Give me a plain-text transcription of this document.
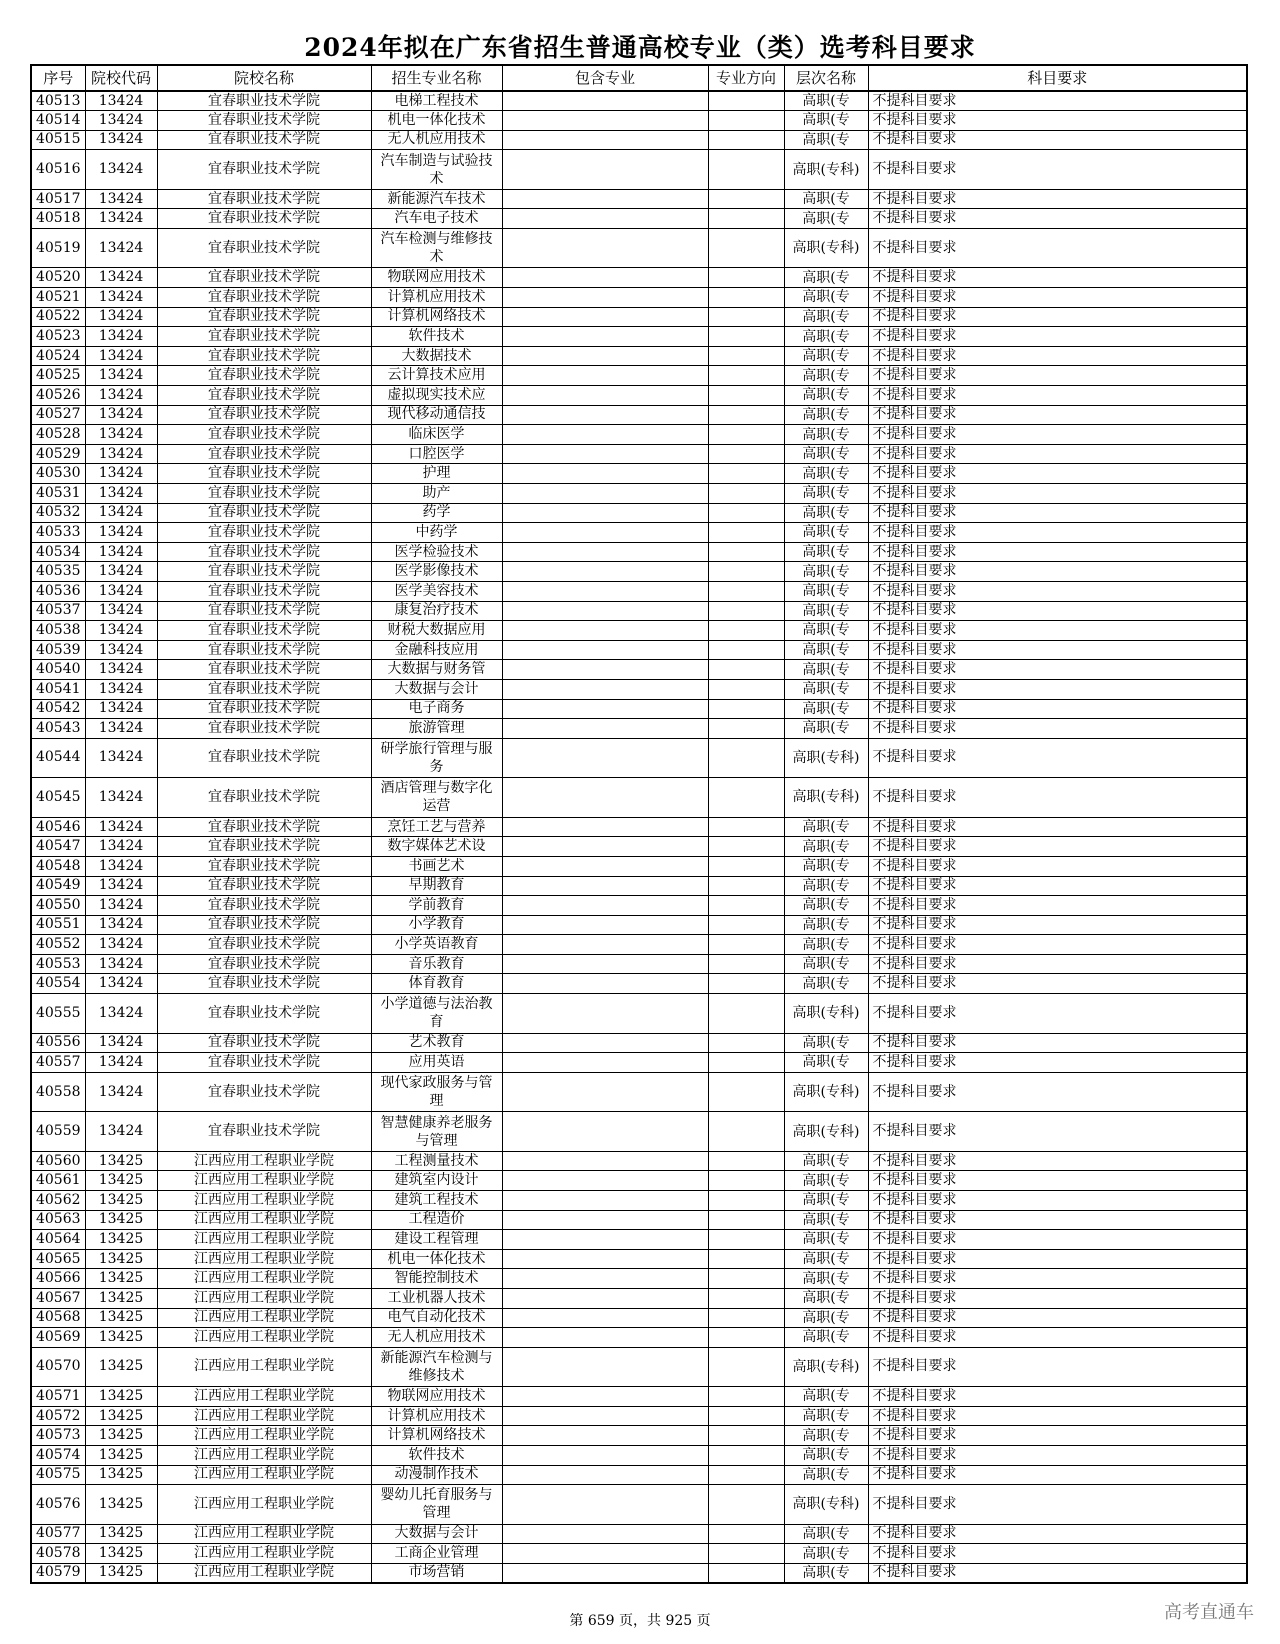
2024年拟在广东省招生普通高校专业（类）选考科目要求
序号	院校代码	院校名称	招生专业名称	包含专业	专业方向	层次名称	科目要求
40513	13424	宜春职业技术学院	电梯工程技术			高职(专	不提科目要求
40514	13424	宜春职业技术学院	机电一体化技术			高职(专	不提科目要求
40515	13424	宜春职业技术学院	无人机应用技术			高职(专	不提科目要求
40516	13424	宜春职业技术学院	汽车制造与试验技术			高职(专科)	不提科目要求
40517	13424	宜春职业技术学院	新能源汽车技术			高职(专	不提科目要求
40518	13424	宜春职业技术学院	汽车电子技术			高职(专	不提科目要求
40519	13424	宜春职业技术学院	汽车检测与维修技术			高职(专科)	不提科目要求
40520	13424	宜春职业技术学院	物联网应用技术			高职(专	不提科目要求
40521	13424	宜春职业技术学院	计算机应用技术			高职(专	不提科目要求
40522	13424	宜春职业技术学院	计算机网络技术			高职(专	不提科目要求
40523	13424	宜春职业技术学院	软件技术			高职(专	不提科目要求
40524	13424	宜春职业技术学院	大数据技术			高职(专	不提科目要求
40525	13424	宜春职业技术学院	云计算技术应用			高职(专	不提科目要求
40526	13424	宜春职业技术学院	虚拟现实技术应			高职(专	不提科目要求
40527	13424	宜春职业技术学院	现代移动通信技			高职(专	不提科目要求
40528	13424	宜春职业技术学院	临床医学			高职(专	不提科目要求
40529	13424	宜春职业技术学院	口腔医学			高职(专	不提科目要求
40530	13424	宜春职业技术学院	护理			高职(专	不提科目要求
40531	13424	宜春职业技术学院	助产			高职(专	不提科目要求
40532	13424	宜春职业技术学院	药学			高职(专	不提科目要求
40533	13424	宜春职业技术学院	中药学			高职(专	不提科目要求
40534	13424	宜春职业技术学院	医学检验技术			高职(专	不提科目要求
40535	13424	宜春职业技术学院	医学影像技术			高职(专	不提科目要求
40536	13424	宜春职业技术学院	医学美容技术			高职(专	不提科目要求
40537	13424	宜春职业技术学院	康复治疗技术			高职(专	不提科目要求
40538	13424	宜春职业技术学院	财税大数据应用			高职(专	不提科目要求
40539	13424	宜春职业技术学院	金融科技应用			高职(专	不提科目要求
40540	13424	宜春职业技术学院	大数据与财务管			高职(专	不提科目要求
40541	13424	宜春职业技术学院	大数据与会计			高职(专	不提科目要求
40542	13424	宜春职业技术学院	电子商务			高职(专	不提科目要求
40543	13424	宜春职业技术学院	旅游管理			高职(专	不提科目要求
40544	13424	宜春职业技术学院	研学旅行管理与服务			高职(专科)	不提科目要求
40545	13424	宜春职业技术学院	酒店管理与数字化运营			高职(专科)	不提科目要求
40546	13424	宜春职业技术学院	烹饪工艺与营养			高职(专	不提科目要求
40547	13424	宜春职业技术学院	数字媒体艺术设			高职(专	不提科目要求
40548	13424	宜春职业技术学院	书画艺术			高职(专	不提科目要求
40549	13424	宜春职业技术学院	早期教育			高职(专	不提科目要求
40550	13424	宜春职业技术学院	学前教育			高职(专	不提科目要求
40551	13424	宜春职业技术学院	小学教育			高职(专	不提科目要求
40552	13424	宜春职业技术学院	小学英语教育			高职(专	不提科目要求
40553	13424	宜春职业技术学院	音乐教育			高职(专	不提科目要求
40554	13424	宜春职业技术学院	体育教育			高职(专	不提科目要求
40555	13424	宜春职业技术学院	小学道德与法治教育			高职(专科)	不提科目要求
40556	13424	宜春职业技术学院	艺术教育			高职(专	不提科目要求
40557	13424	宜春职业技术学院	应用英语			高职(专	不提科目要求
40558	13424	宜春职业技术学院	现代家政服务与管理			高职(专科)	不提科目要求
40559	13424	宜春职业技术学院	智慧健康养老服务与管理			高职(专科)	不提科目要求
40560	13425	江西应用工程职业学院	工程测量技术			高职(专	不提科目要求
40561	13425	江西应用工程职业学院	建筑室内设计			高职(专	不提科目要求
40562	13425	江西应用工程职业学院	建筑工程技术			高职(专	不提科目要求
40563	13425	江西应用工程职业学院	工程造价			高职(专	不提科目要求
40564	13425	江西应用工程职业学院	建设工程管理			高职(专	不提科目要求
40565	13425	江西应用工程职业学院	机电一体化技术			高职(专	不提科目要求
40566	13425	江西应用工程职业学院	智能控制技术			高职(专	不提科目要求
40567	13425	江西应用工程职业学院	工业机器人技术			高职(专	不提科目要求
40568	13425	江西应用工程职业学院	电气自动化技术			高职(专	不提科目要求
40569	13425	江西应用工程职业学院	无人机应用技术			高职(专	不提科目要求
40570	13425	江西应用工程职业学院	新能源汽车检测与维修技术			高职(专科)	不提科目要求
40571	13425	江西应用工程职业学院	物联网应用技术			高职(专	不提科目要求
40572	13425	江西应用工程职业学院	计算机应用技术			高职(专	不提科目要求
40573	13425	江西应用工程职业学院	计算机网络技术			高职(专	不提科目要求
40574	13425	江西应用工程职业学院	软件技术			高职(专	不提科目要求
40575	13425	江西应用工程职业学院	动漫制作技术			高职(专	不提科目要求
40576	13425	江西应用工程职业学院	婴幼儿托育服务与管理			高职(专科)	不提科目要求
40577	13425	江西应用工程职业学院	大数据与会计			高职(专	不提科目要求
40578	13425	江西应用工程职业学院	工商企业管理			高职(专	不提科目要求
40579	13425	江西应用工程职业学院	市场营销			高职(专	不提科目要求
第 659 页，共 925 页	高考直通车
